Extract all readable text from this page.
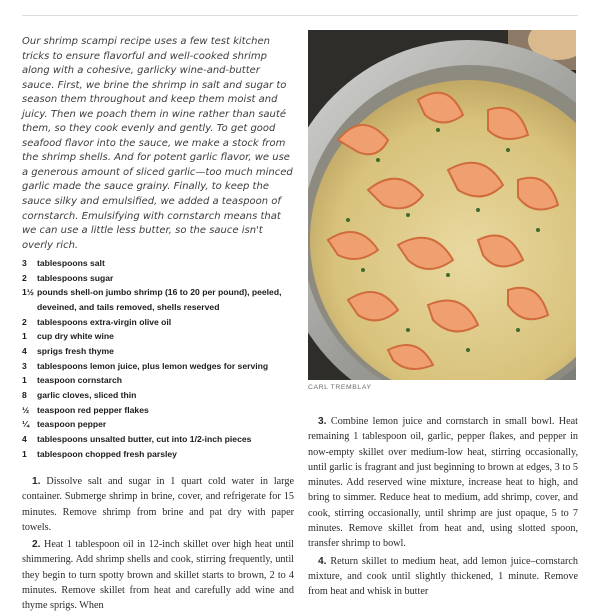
Our shrimp scampi recipe uses a few test kitchen tricks to ensure flavorful and well-cooked shrimp along with a cohesive, garlicky wine-and-butter sauce. First, we brine the shrimp in salt and sugar to season them throughout and keep them moist and juicy. Then we poach them in wine rather than sauté them, so they cook evenly and gently. To get good seafood flavor into the sauce, we make a stock from the shrimp shells. And for potent garlic flavor, we use a generous amount of sliced garlic—too much minced garlic made the sauce grainy. Finally, to keep the sauce silky and emulsified, we added a teaspoon of cornstarch. Emulsifying with cornstarch means that we can use a little less butter, so the sauce isn't overly rich.

3	tablespoons salt
2	tablespoons sugar
1½ pounds shell-on jumbo shrimp (16 to 20 per pound), peeled, deveined, and tails removed, shells reserved
2	tablespoons extra-virgin olive oil
1	cup dry white wine
4	sprigs fresh thyme
3	tablespoons lemon juice, plus lemon wedges for serving
1	teaspoon cornstarch
8	garlic cloves, sliced thin
½ teaspoon red pepper flakes
¼ teaspoon pepper
4	tablespoons unsalted butter, cut into 1/2-inch pieces
1	tablespoon chopped fresh parsley

1. Dissolve salt and sugar in 1 quart cold water in large container. Submerge shrimp in brine, cover, and refrigerate for 15 minutes. Remove shrimp from brine and pat dry with paper towels.

2. Heat 1 tablespoon oil in 12-inch skillet over high heat until shimmering. Add shrimp shells and cook, stirring frequently, until they begin to turn spotty brown and skillet starts to brown, 2 to 4 minutes. Remove skillet from heat and carefully add wine and thyme sprigs. When

CARL TREMBLAY

3. Combine lemon juice and cornstarch in small bowl. Heat remaining 1 tablespoon oil, garlic, pepper flakes, and pepper in now-empty skillet over medium-low heat, stirring occasionally, until garlic is fragrant and just beginning to brown at edges, 3 to 5 minutes. Add reserved wine mixture, increase heat to high, and bring to simmer. Reduce heat to medium, add shrimp, cover, and cook, stirring occasionally, until shrimp are just opaque, 5 to 7 minutes. Remove skillet from heat and, using slotted spoon, transfer shrimp to bowl.

4. Return skillet to medium heat, add lemon juice–cornstarch mixture, and cook until slightly thickened, 1 minute. Remove from heat and whisk in butter
